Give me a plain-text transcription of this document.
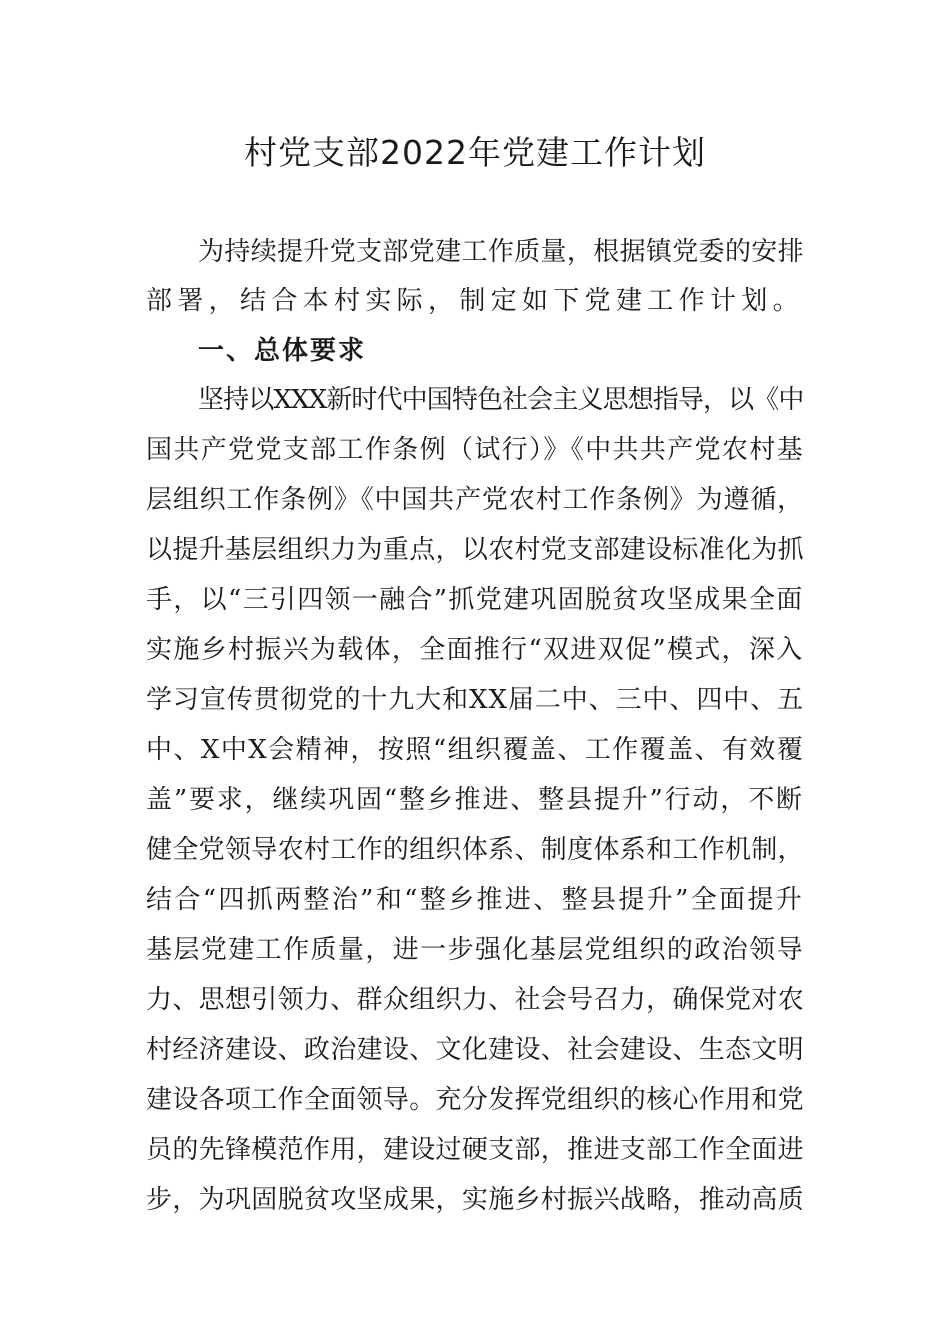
村党支部2022年党建工作计划
为持续提升党支部党建工作质量，根据镇党委的安排
部署，结合本村实际，制定如下党建工作计划。
一、总体要求
坚持以XXX新时代中国特色社会主义思想指导，以《中
国共产党党支部工作条例（试行）》《中共共产党农村基
层组织工作条例》《中国共产党农村工作条例》为遵循，
以提升基层组织力为重点，以农村党支部建设标准化为抓
手，以“三引四领一融合”抓党建巩固脱贫攻坚成果全面
实施乡村振兴为载体，全面推行“双进双促”模式，深入
学习宣传贯彻党的十九大和XX届二中、三中、四中、五
中、X中X会精神，按照“组织覆盖、工作覆盖、有效覆
盖”要求，继续巩固“整乡推进、整县提升”行动，不断
健全党领导农村工作的组织体系、制度体系和工作机制，
结合“四抓两整治”和“整乡推进、整县提升”全面提升
基层党建工作质量，进一步强化基层党组织的政治领导
力、思想引领力、群众组织力、社会号召力，确保党对农
村经济建设、政治建设、文化建设、社会建设、生态文明
建设各项工作全面领导。充分发挥党组织的核心作用和党
员的先锋模范作用，建设过硬支部，推进支部工作全面进
步，为巩固脱贫攻坚成果，实施乡村振兴战略，推动高质
